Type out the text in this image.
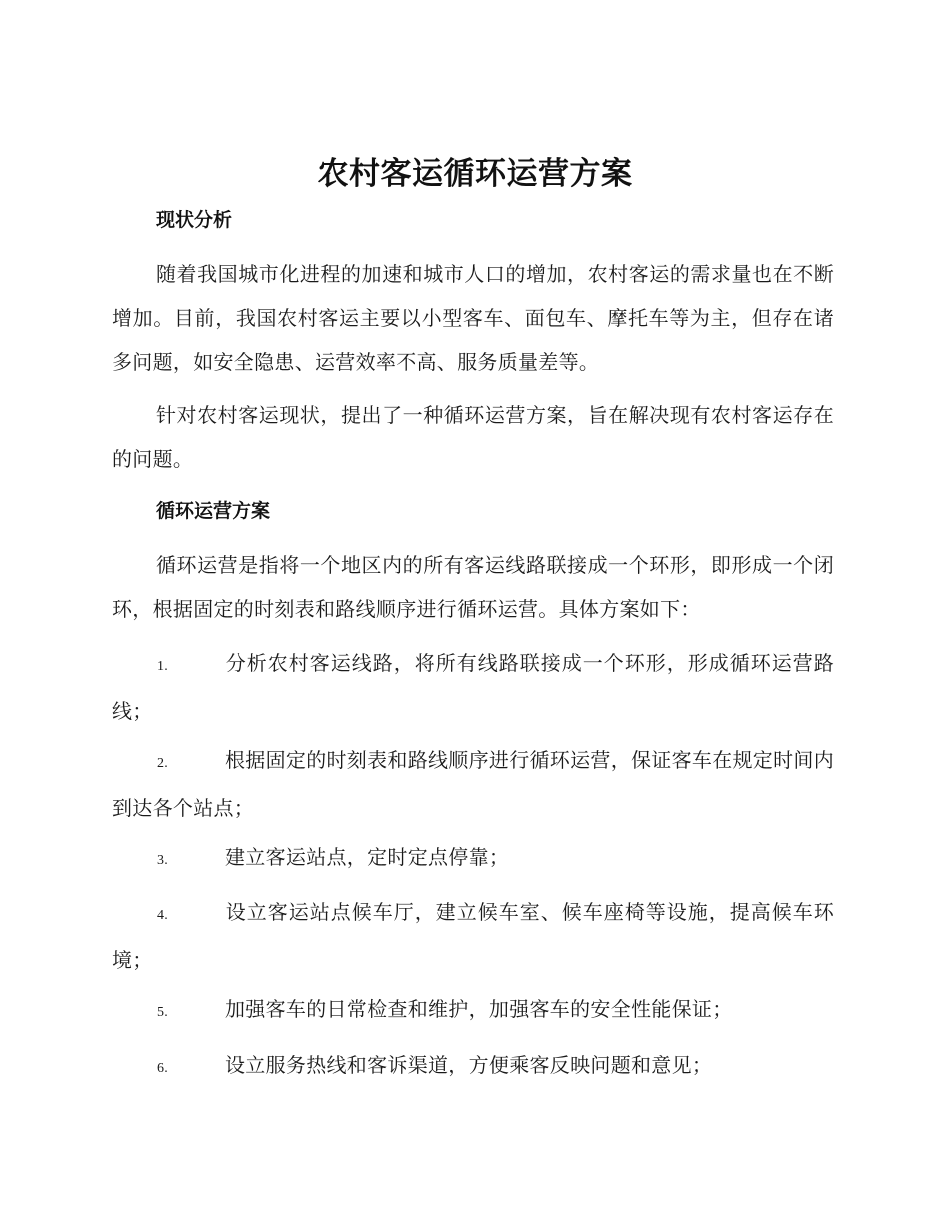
农村客运循环运营方案
现状分析

随着我国城市化进程的加速和城市人口的增加，农村客运的需求量也在不断增加。目前，我国农村客运主要以小型客车、面包车、摩托车等为主，但存在诸多问题，如安全隐患、运营效率不高、服务质量差等。

针对农村客运现状，提出了一种循环运营方案，旨在解决现有农村客运存在的问题。

循环运营方案

循环运营是指将一个地区内的所有客运线路联接成一个环形，即形成一个闭环，根据固定的时刻表和路线顺序进行循环运营。具体方案如下：

1.	分析农村客运线路，将所有线路联接成一个环形，形成循环运营路线；

2.	根据固定的时刻表和路线顺序进行循环运营，保证客车在规定时间内到达各个站点；

3.	建立客运站点，定时定点停靠；

4.	设立客运站点候车厅，建立候车室、候车座椅等设施，提高候车环境；

5.	加强客车的日常检查和维护，加强客车的安全性能保证；

6.	设立服务热线和客诉渠道，方便乘客反映问题和意见；
